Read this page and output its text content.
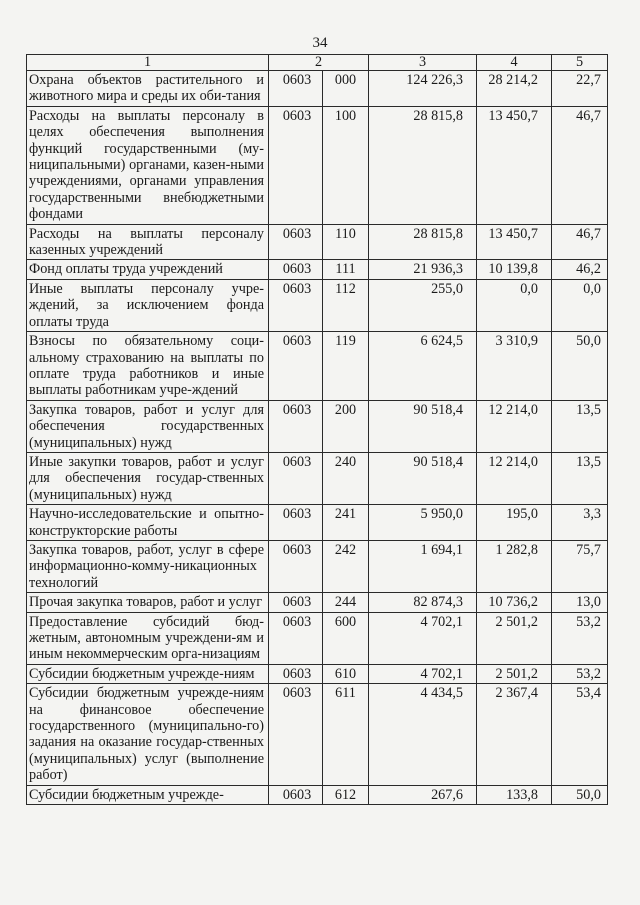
34
1	2		3	4	5
Охрана объектов растительного и животного мира и среды их оби-тания	0603	000	124 226,3	28 214,2	22,7
Расходы на выплаты персоналу в целях обеспечения выполнения функций государственными (му-ниципальными) органами, казен-ными учреждениями, органами управления государственными внебюджетными фондами	0603	100	28 815,8	13 450,7	46,7
Расходы на выплаты персоналу казенных учреждений	0603	110	28 815,8	13 450,7	46,7
Фонд оплаты труда учреждений	0603	111	21 936,3	10 139,8	46,2
Иные выплаты персоналу учре-ждений, за исключением фонда оплаты труда	0603	112	255,0	0,0	0,0
Взносы по обязательному соци-альному страхованию на выплаты по оплате труда работников и иные выплаты работникам учре-ждений	0603	119	6 624,5	3 310,9	50,0
Закупка товаров, работ и услуг для обеспечения государственных (муниципальных) нужд	0603	200	90 518,4	12 214,0	13,5
Иные закупки товаров, работ и услуг для обеспечения государ-ственных (муниципальных) нужд	0603	240	90 518,4	12 214,0	13,5
Научно-исследовательские и опытно-конструкторские работы	0603	241	5 950,0	195,0	3,3
Закупка товаров, работ, услуг в сфере информационно-комму-никационных технологий	0603	242	1 694,1	1 282,8	75,7
Прочая закупка товаров, работ и услуг	0603	244	82 874,3	10 736,2	13,0
Предоставление субсидий бюд-жетным, автономным учреждени-ям и иным некоммерческим орга-низациям	0603	600	4 702,1	2 501,2	53,2
Субсидии бюджетным учрежде-ниям	0603	610	4 702,1	2 501,2	53,2
Субсидии бюджетным учрежде-ниям на финансовое обеспечение государственного (муниципально-го) задания на оказание государ-ственных (муниципальных) услуг (выполнение работ)	0603	611	4 434,5	2 367,4	53,4
Субсидии бюджетным учрежде-	0603	612	267,6	133,8	50,0
